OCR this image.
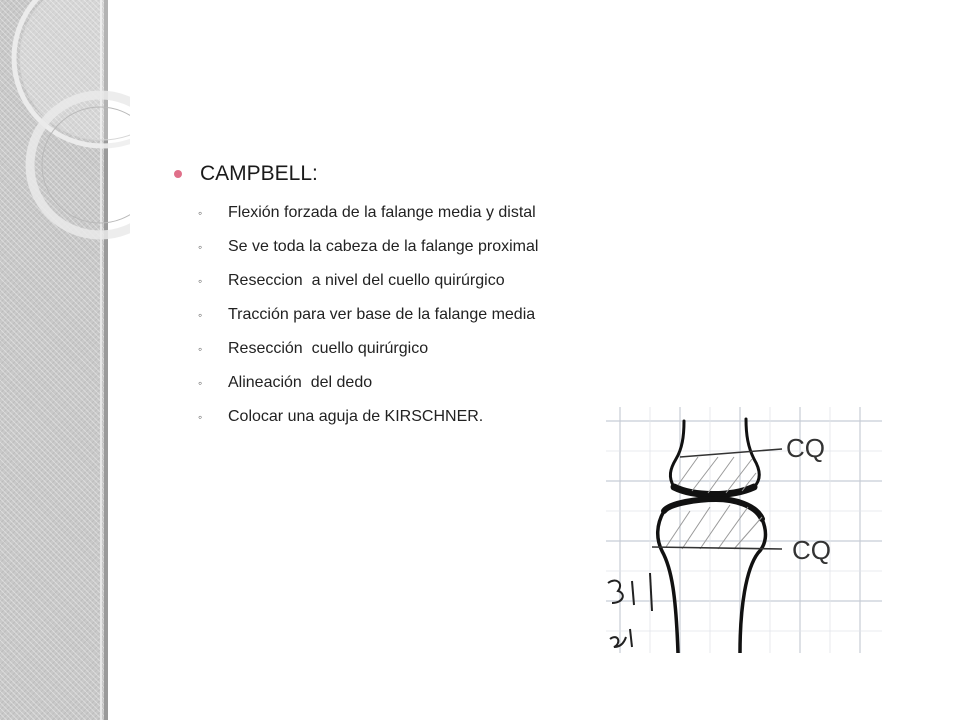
CAMPBELL:
◦	Flexión forzada de la falange media y distal
◦	Se ve toda la cabeza de la falange proximal
◦	Reseccion  a nivel del cuello quirúrgico
◦	Tracción para ver base de la falange media
◦	Resección  cuello quirúrgico
◦	Alineación  del dedo
◦	Colocar una aguja de KIRSCHNER.
CQ
CQ
